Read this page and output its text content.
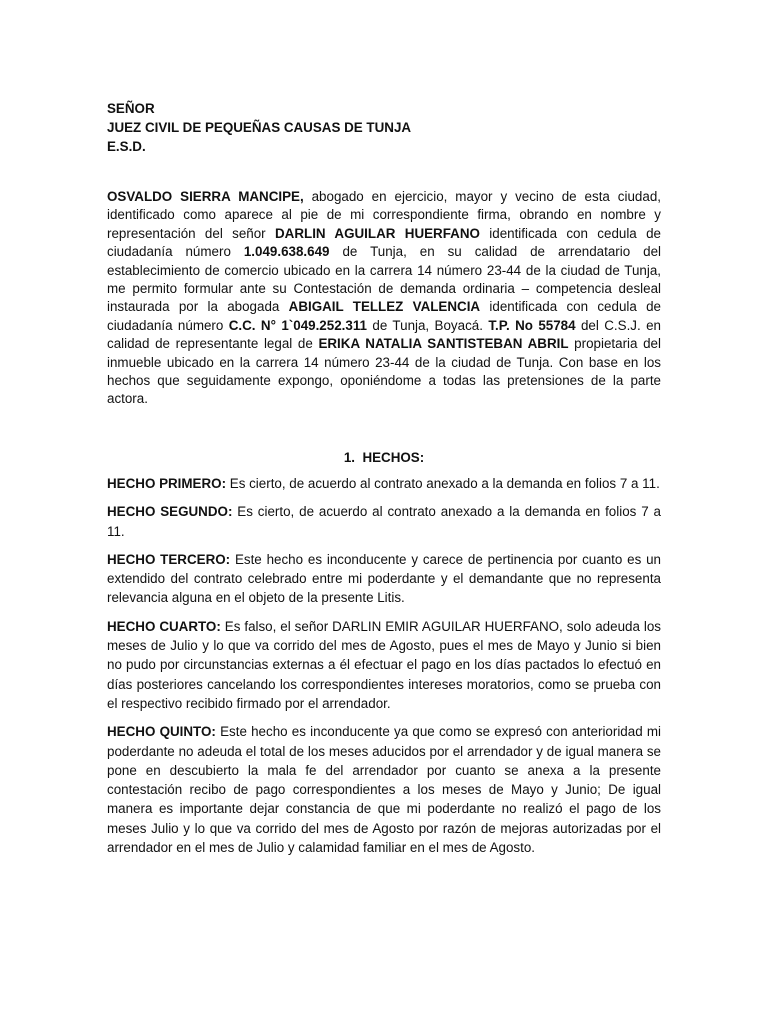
SEÑOR
JUEZ CIVIL DE PEQUEÑAS CAUSAS DE TUNJA
E.S.D.
OSVALDO SIERRA MANCIPE, abogado en ejercicio, mayor y vecino de esta ciudad, identificado como aparece al pie de mi correspondiente firma, obrando en nombre y representación del señor DARLIN AGUILAR HUERFANO identificada con cedula de ciudadanía número 1.049.638.649 de Tunja, en su calidad de arrendatario del establecimiento de comercio ubicado en la carrera 14 número 23-44 de la ciudad de Tunja, me permito formular ante su Contestación de demanda ordinaria – competencia desleal instaurada por la abogada ABIGAIL TELLEZ VALENCIA identificada con cedula de ciudadanía número C.C. N° 1`049.252.311 de Tunja, Boyacá. T.P. No 55784 del C.S.J. en calidad de representante legal de ERIKA NATALIA SANTISTEBAN ABRIL propietaria del inmueble ubicado en la carrera 14 número 23-44 de la ciudad de Tunja. Con base en los hechos que seguidamente expongo, oponiéndome a todas las pretensiones de la parte actora.
1. HECHOS:

HECHO PRIMERO: Es cierto, de acuerdo al contrato anexado a la demanda en folios 7 a 11.

HECHO SEGUNDO: Es cierto, de acuerdo al contrato anexado a la demanda en folios 7 a 11.

HECHO TERCERO: Este hecho es inconducente y carece de pertinencia por cuanto es un extendido del contrato celebrado entre mi poderdante y el demandante que no representa relevancia alguna en el objeto de la presente Litis.

HECHO CUARTO: Es falso, el señor DARLIN EMIR AGUILAR HUERFANO, solo adeuda los meses de Julio y lo que va corrido del mes de Agosto, pues el mes de Mayo y Junio si bien no pudo por circunstancias externas a él efectuar el pago en los días pactados lo efectuó en días posteriores cancelando los correspondientes intereses moratorios, como se prueba con el respectivo recibido firmado por el arrendador.

HECHO QUINTO: Este hecho es inconducente ya que como se expresó con anterioridad mi poderdante no adeuda el total de los meses aducidos por el arrendador y de igual manera se pone en descubierto la mala fe del arrendador por cuanto se anexa a la presente contestación recibo de pago correspondientes a los meses de Mayo y Junio; De igual manera es importante dejar constancia de que mi poderdante no realizó el pago de los meses Julio y lo que va corrido del mes de Agosto por razón de mejoras autorizadas por el arrendador en el mes de Julio y calamidad familiar en el mes de Agosto.
